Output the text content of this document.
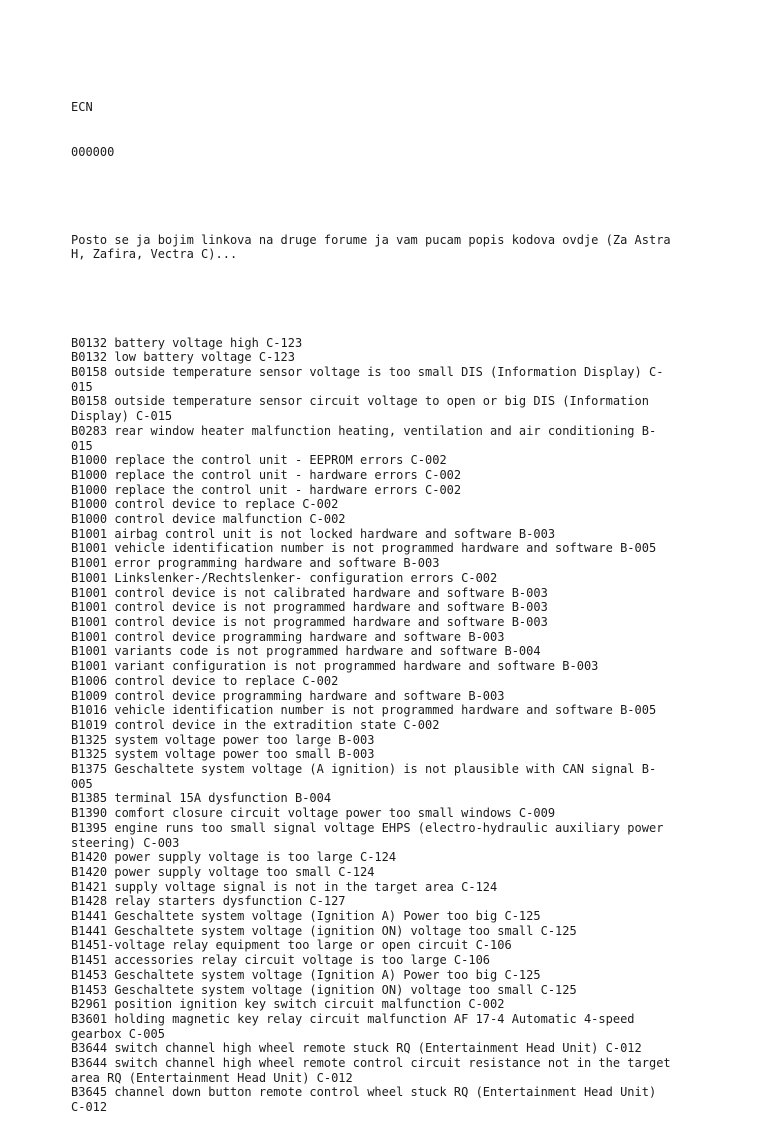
ECN

000000

Posto se ja bojim linkova na druge forume ja vam pucam popis kodova ovdje (Za Astra
H, Zafira, Vectra C)...

B0132 battery voltage high C-123
B0132 low battery voltage C-123
B0158 outside temperature sensor voltage is too small DIS (Information Display) C-
015
B0158 outside temperature sensor circuit voltage to open or big DIS (Information
Display) C-015
B0283 rear window heater malfunction heating, ventilation and air conditioning B-
015
B1000 replace the control unit - EEPROM errors C-002
B1000 replace the control unit - hardware errors C-002
B1000 replace the control unit - hardware errors C-002
B1000 control device to replace C-002
B1000 control device malfunction C-002
B1001 airbag control unit is not locked hardware and software B-003
B1001 vehicle identification number is not programmed hardware and software B-005
B1001 error programming hardware and software B-003
B1001 Linkslenker-/Rechtslenker- configuration errors C-002
B1001 control device is not calibrated hardware and software B-003
B1001 control device is not programmed hardware and software B-003
B1001 control device is not programmed hardware and software B-003
B1001 control device programming hardware and software B-003
B1001 variants code is not programmed hardware and software B-004
B1001 variant configuration is not programmed hardware and software B-003
B1006 control device to replace C-002
B1009 control device programming hardware and software B-003
B1016 vehicle identification number is not programmed hardware and software B-005
B1019 control device in the extradition state C-002
B1325 system voltage power too large B-003
B1325 system voltage power too small B-003
B1375 Geschaltete system voltage (A ignition) is not plausible with CAN signal B-
005
B1385 terminal 15A dysfunction B-004
B1390 comfort closure circuit voltage power too small windows C-009
B1395 engine runs too small signal voltage EHPS (electro-hydraulic auxiliary power
steering) C-003
B1420 power supply voltage is too large C-124
B1420 power supply voltage too small C-124
B1421 supply voltage signal is not in the target area C-124
B1428 relay starters dysfunction C-127
B1441 Geschaltete system voltage (Ignition A) Power too big C-125
B1441 Geschaltete system voltage (ignition ON) voltage too small C-125
B1451-voltage relay equipment too large or open circuit C-106
B1451 accessories relay circuit voltage is too large C-106
B1453 Geschaltete system voltage (Ignition A) Power too big C-125
B1453 Geschaltete system voltage (ignition ON) voltage too small C-125
B2961 position ignition key switch circuit malfunction C-002
B3601 holding magnetic key relay circuit malfunction AF 17-4 Automatic 4-speed
gearbox C-005
B3644 switch channel high wheel remote stuck RQ (Entertainment Head Unit) C-012
B3644 switch channel high wheel remote control circuit resistance not in the target
area RQ (Entertainment Head Unit) C-012
B3645 channel down button remote control wheel stuck RQ (Entertainment Head Unit)
C-012
